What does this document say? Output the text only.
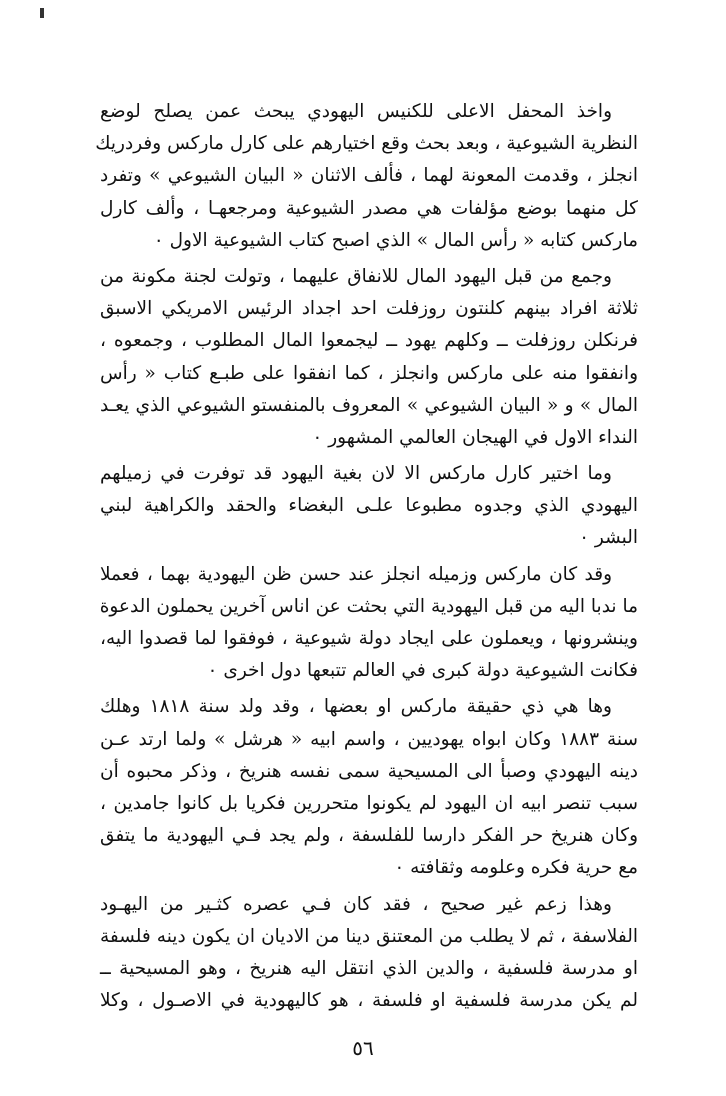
واخذ المحفل الاعلى للكنيس اليهودي يبحث عمن يصلح لوضع
النظرية الشيوعية ، وبعد بحث وقع اختيارهم على كارل ماركس وفردريك
انجلز ، وقدمت المعونة لهما ، فألف الاثنان « البيان الشيوعي » وتفرد
كل منهما بوضع مؤلفات هي مصدر الشيوعية ومرجعهـا ، وألف كارل
ماركس كتابه « رأس المال » الذي اصبح كتاب الشيوعية الاول ٠
وجمع من قبل اليهود المال للانفاق عليهما ، وتولت لجنة مكونة من
ثلاثة افراد بينهم كلنتون روزفلت احد اجداد الرئيس الامريكي الاسبق
فرنكلن روزفلت ــ وكلهم يهود ــ ليجمعوا المال المطلوب ، وجمعوه ،
وانفقوا منه على ماركس وانجلز ، كما انفقوا على طبـع كتاب « رأس
المال » و « البيان الشيوعي » المعروف بالمنفستو الشيوعي الذي يعـد
النداء الاول في الهيجان العالمي المشهور ٠
وما اختير كارل ماركس الا لان بغية اليهود قد توفرت في زميلهم
اليهودي الذي وجدوه مطبوعا علـى البغضاء والحقد والكراهية لبني
البشر ٠
وقد كان ماركس وزميله انجلز عند حسن ظن اليهودية بهما ، فعملا
ما ندبا اليه من قبل اليهودية التي بحثت عن اناس آخرين يحملون الدعوة
وينشرونها ، ويعملون على ايجاد دولة شيوعية ، فوفقوا لما قصدوا اليه،
فكانت الشيوعية دولة كبرى في العالم تتبعها دول اخرى ٠
وها هي ذي حقيقة ماركس او بعضها ، وقد ولد سنة ١٨١٨ وهلك
سنة ١٨٨٣ وكان ابواه يهوديين ، واسم ابيه « هرشل » ولما ارتد عـن
دينه اليهودي وصبأ الى المسيحية سمى نفسه هنريخ ، وذكر محبوه أن
سبب تنصر ابيه ان اليهود لم يكونوا متحررين فكريا بل كانوا جامدين ،
وكان هنريخ حر الفكر دارسا للفلسفة ، ولم يجد فـي اليهودية ما يتفق
مع حرية فكره وعلومه وثقافته ٠
وهذا زعم غير صحيح ، فقد كان فـي عصره كثـير من اليهـود
الفلاسفة ، ثم لا يطلب من المعتنق دينا من الاديان ان يكون دينه فلسفة
او مدرسة فلسفية ، والدين الذي انتقل اليه هنريخ ، وهو المسيحية ــ
لم يكن مدرسة فلسفية او فلسفة ، هو كاليهودية في الاصـول ، وكلا
٥٦
